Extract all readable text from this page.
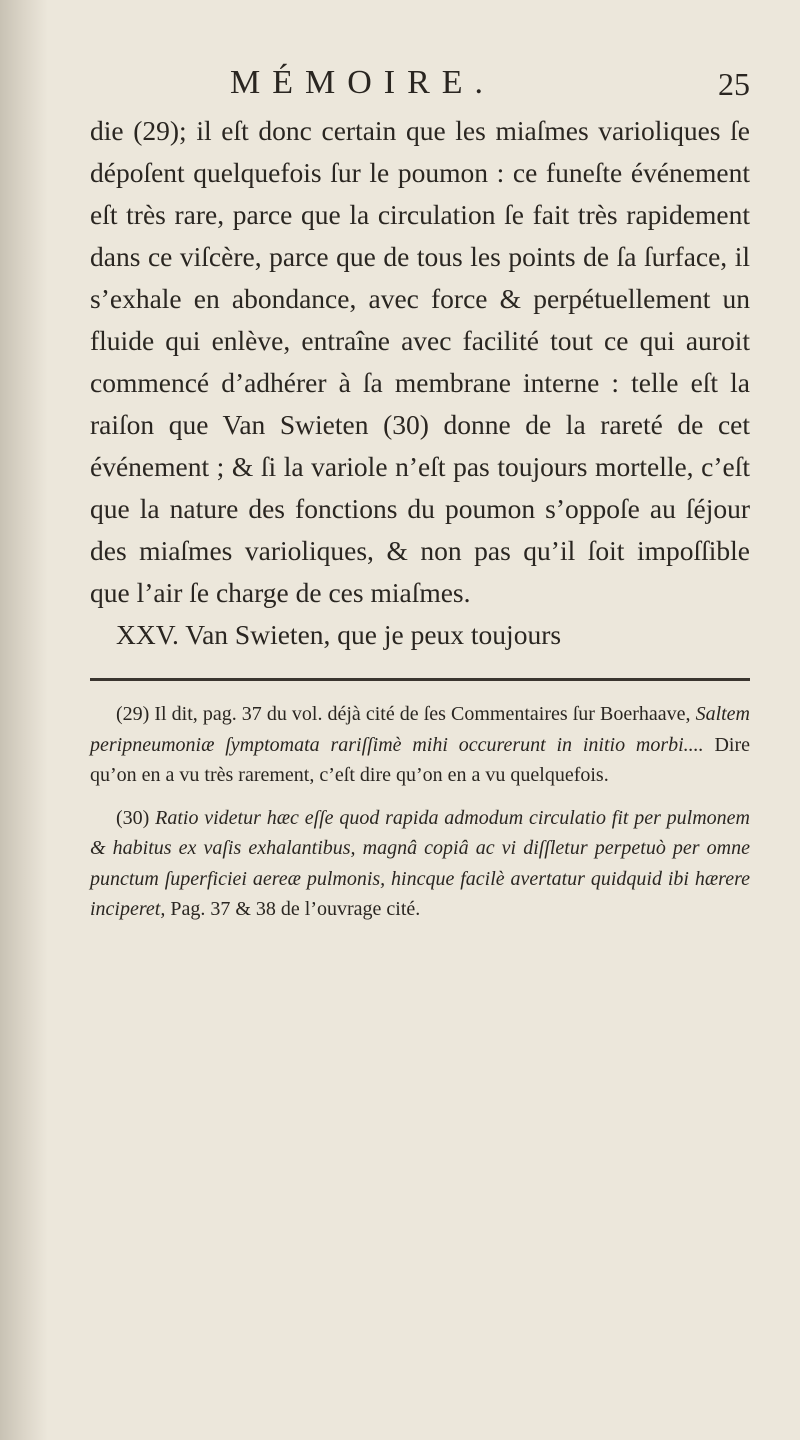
MÉMOIRE.	25

die (29); il eſt donc certain que les miaſmes varioliques ſe dépoſent quelquefois ſur le poumon : ce funeſte événement eſt très rare, parce que la circulation ſe fait très rapidement dans ce viſcère, parce que de tous les points de ſa ſurface, il s’exhale en abondance, avec force & perpétuellement un fluide qui enlève, entraîne avec facilité tout ce qui auroit commencé d’adhérer à ſa membrane interne : telle eſt la raiſon que Van Swieten (30) donne de la rareté de cet événement ; & ſi la variole n’eſt pas toujours mortelle, c’eſt que la nature des fonctions du poumon s’oppoſe au ſéjour des miaſmes varioliques, & non pas qu’il ſoit impoſſible que l’air ſe charge de ces miaſmes.

XXV. Van Swieten, que je peux toujours

(29) Il dit, pag. 37 du vol. déjà cité de ſes Commentaires ſur Boerhaave, Saltem peripneumoniæ ſymptomata rariſſimè mihi occurerunt in initio morbi.... Dire qu’on en a vu très rarement, c’eſt dire qu’on en a vu quelquefois.

(30) Ratio videtur hæc eſſe quod rapida admodum circulatio fit per pulmonem & habitus ex vaſis exhalantibus, magnâ copiâ ac vi diſſletur perpetuò per omne punctum ſuperficiei aereæ pulmonis, hincque facilè avertatur quidquid ibi hærere inciperet, Pag. 37 & 38 de l’ouvrage cité.
